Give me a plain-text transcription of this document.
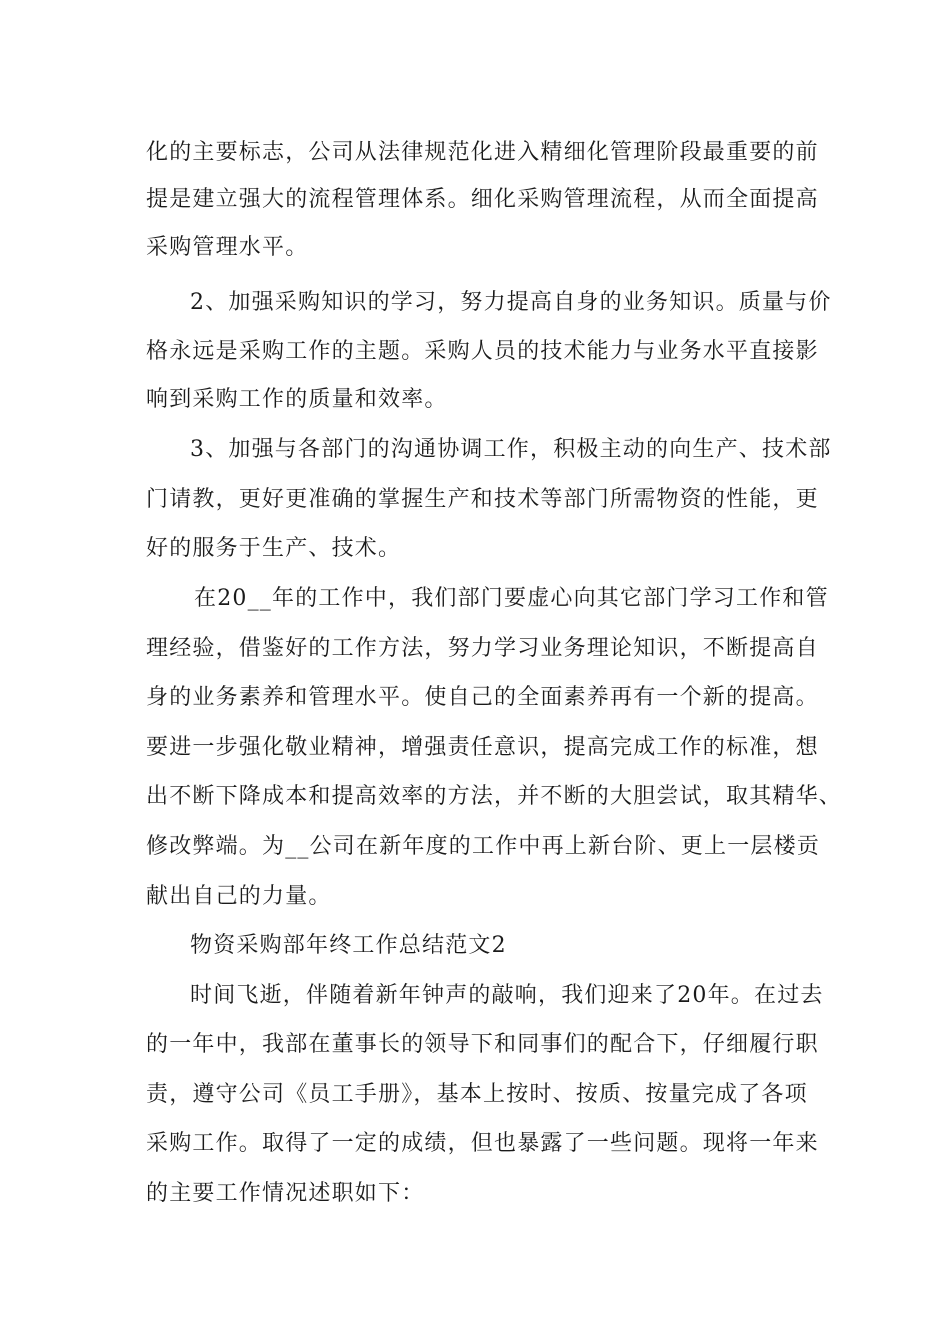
化的主要标志，公司从法律规范化进入精细化管理阶段最重要的前

提是建立强大的流程管理体系。细化采购管理流程，从而全面提高

采购管理水平。

2、加强采购知识的学习，努力提高自身的业务知识。质量与价

格永远是采购工作的主题。采购人员的技术能力与业务水平直接影

响到采购工作的质量和效率。

3、加强与各部门的沟通协调工作，积极主动的向生产、技术部

门请教，更好更准确的掌握生产和技术等部门所需物资的性能，更

好的服务于生产、技术。

在20__年的工作中，我们部门要虚心向其它部门学习工作和管

理经验，借鉴好的工作方法，努力学习业务理论知识，不断提高自

身的业务素养和管理水平。使自己的全面素养再有一个新的提高。

要进一步强化敬业精神，增强责任意识，提高完成工作的标准，想

出不断下降成本和提高效率的方法，并不断的大胆尝试，取其精华、

修改弊端。为__公司在新年度的工作中再上新台阶、更上一层楼贡

献出自己的力量。

物资采购部年终工作总结范文2

时间飞逝，伴随着新年钟声的敲响，我们迎来了20年。在过去

的一年中，我部在董事长的领导下和同事们的配合下，仔细履行职

责，遵守公司《员工手册》，基本上按时、按质、按量完成了各项

采购工作。取得了一定的成绩，但也暴露了一些问题。现将一年来

的主要工作情况述职如下：
